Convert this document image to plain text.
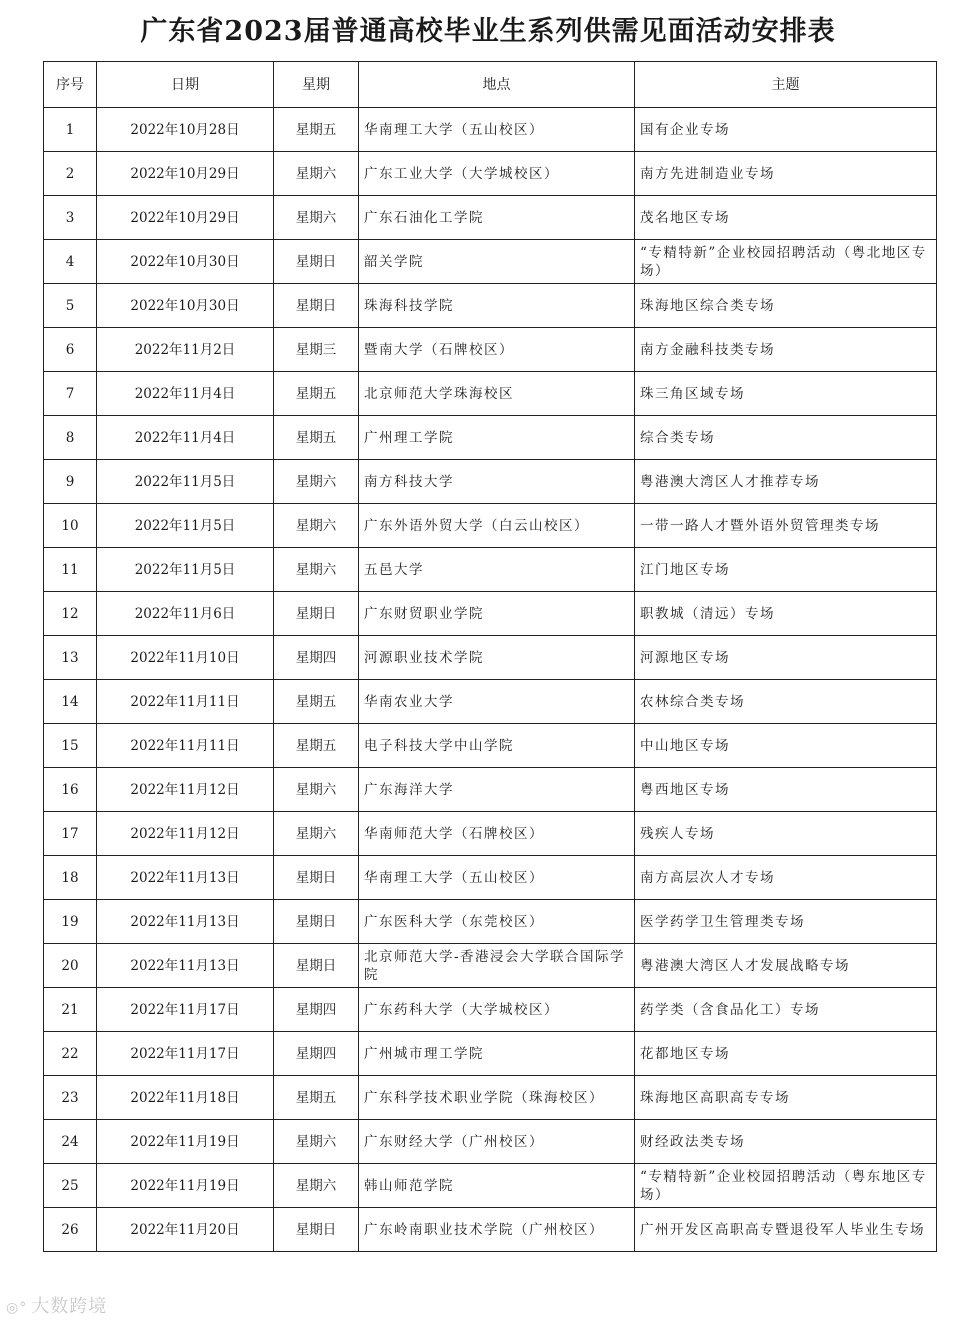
广东省2023届普通高校毕业生系列供需见面活动安排表
序号	日期	星期	地点	主题
1	2022年10月28日	星期五	华南理工大学（五山校区）	国有企业专场
2	2022年10月29日	星期六	广东工业大学（大学城校区）	南方先进制造业专场
3	2022年10月29日	星期六	广东石油化工学院	茂名地区专场
4	2022年10月30日	星期日	韶关学院	“专精特新”企业校园招聘活动（粤北地区专场）
5	2022年10月30日	星期日	珠海科技学院	珠海地区综合类专场
6	2022年11月2日	星期三	暨南大学（石牌校区）	南方金融科技类专场
7	2022年11月4日	星期五	北京师范大学珠海校区	珠三角区域专场
8	2022年11月4日	星期五	广州理工学院	综合类专场
9	2022年11月5日	星期六	南方科技大学	粤港澳大湾区人才推荐专场
10	2022年11月5日	星期六	广东外语外贸大学（白云山校区）	一带一路人才暨外语外贸管理类专场
11	2022年11月5日	星期六	五邑大学	江门地区专场
12	2022年11月6日	星期日	广东财贸职业学院	职教城（清远）专场
13	2022年11月10日	星期四	河源职业技术学院	河源地区专场
14	2022年11月11日	星期五	华南农业大学	农林综合类专场
15	2022年11月11日	星期五	电子科技大学中山学院	中山地区专场
16	2022年11月12日	星期六	广东海洋大学	粤西地区专场
17	2022年11月12日	星期六	华南师范大学（石牌校区）	残疾人专场
18	2022年11月13日	星期日	华南理工大学（五山校区）	南方高层次人才专场
19	2022年11月13日	星期日	广东医科大学（东莞校区）	医学药学卫生管理类专场
20	2022年11月13日	星期日	北京师范大学-香港浸会大学联合国际学院	粤港澳大湾区人才发展战略专场
21	2022年11月17日	星期四	广东药科大学（大学城校区）	药学类（含食品化工）专场
22	2022年11月17日	星期四	广州城市理工学院	花都地区专场
23	2022年11月18日	星期五	广东科学技术职业学院（珠海校区）	珠海地区高职高专专场
24	2022年11月19日	星期六	广东财经大学（广州校区）	财经政法类专场
25	2022年11月19日	星期六	韩山师范学院	“专精特新”企业校园招聘活动（粤东地区专场）
26	2022年11月20日	星期日	广东岭南职业技术学院（广州校区）	广州开发区高职高专暨退役军人毕业生专场
◎° 大数跨境
